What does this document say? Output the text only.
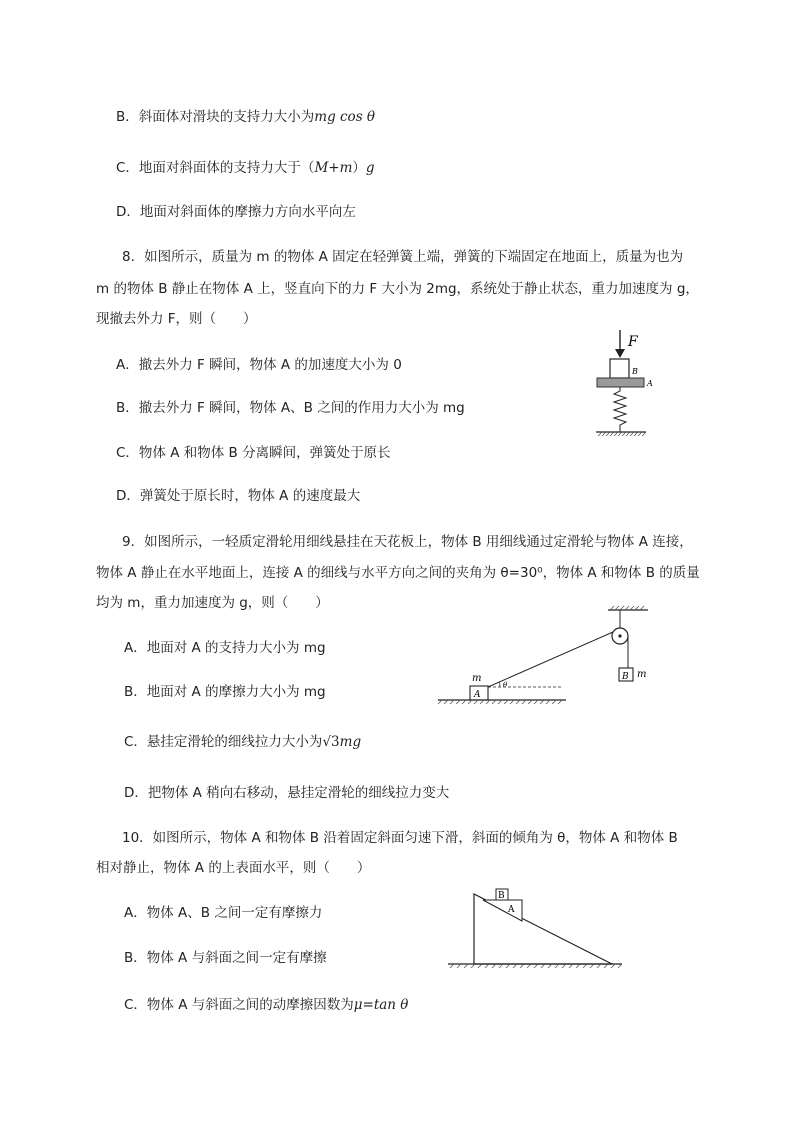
B．斜面体对滑块的支持力大小为mg cos θ
C．地面对斜面体的支持力大于（M+m）g
D．地面对斜面体的摩擦力方向水平向左
8．如图所示，质量为 m 的物体 A 固定在轻弹簧上端，弹簧的下端固定在地面上，质量为也为
m 的物体 B 静止在物体 A 上，竖直向下的力 F 大小为 2mg，系统处于静止状态，重力加速度为 g，
现撤去外力 F，则（　　）
A．撤去外力 F 瞬间，物体 A 的加速度大小为 0
B．撤去外力 F 瞬间，物体 A、B 之间的作用力大小为 mg
C．物体 A 和物体 B 分离瞬间，弹簧处于原长
D．弹簧处于原长时，物体 A 的速度最大
F
B
A
9．如图所示，一轻质定滑轮用细线悬挂在天花板上，物体 B 用细线通过定滑轮与物体 A 连接，
物体 A 静止在水平地面上，连接 A 的细线与水平方向之间的夹角为 θ=30⁰，物体 A 和物体 B 的质量
均为 m，重力加速度为 g，则（　　）
A．地面对 A 的支持力大小为 mg
B．地面对 A 的摩擦力大小为 mg
C．悬挂定滑轮的细线拉力大小为√3mg
D．把物体 A 稍向右移动，悬挂定滑轮的细线拉力变大
B m
A
m
θ
10．如图所示，物体 A 和物体 B 沿着固定斜面匀速下滑，斜面的倾角为 θ，物体 A 和物体 B
相对静止，物体 A 的上表面水平，则（　　）
A．物体 A、B 之间一定有摩擦力
B．物体 A 与斜面之间一定有摩擦
C．物体 A 与斜面之间的动摩擦因数为μ=tan θ
A
B
